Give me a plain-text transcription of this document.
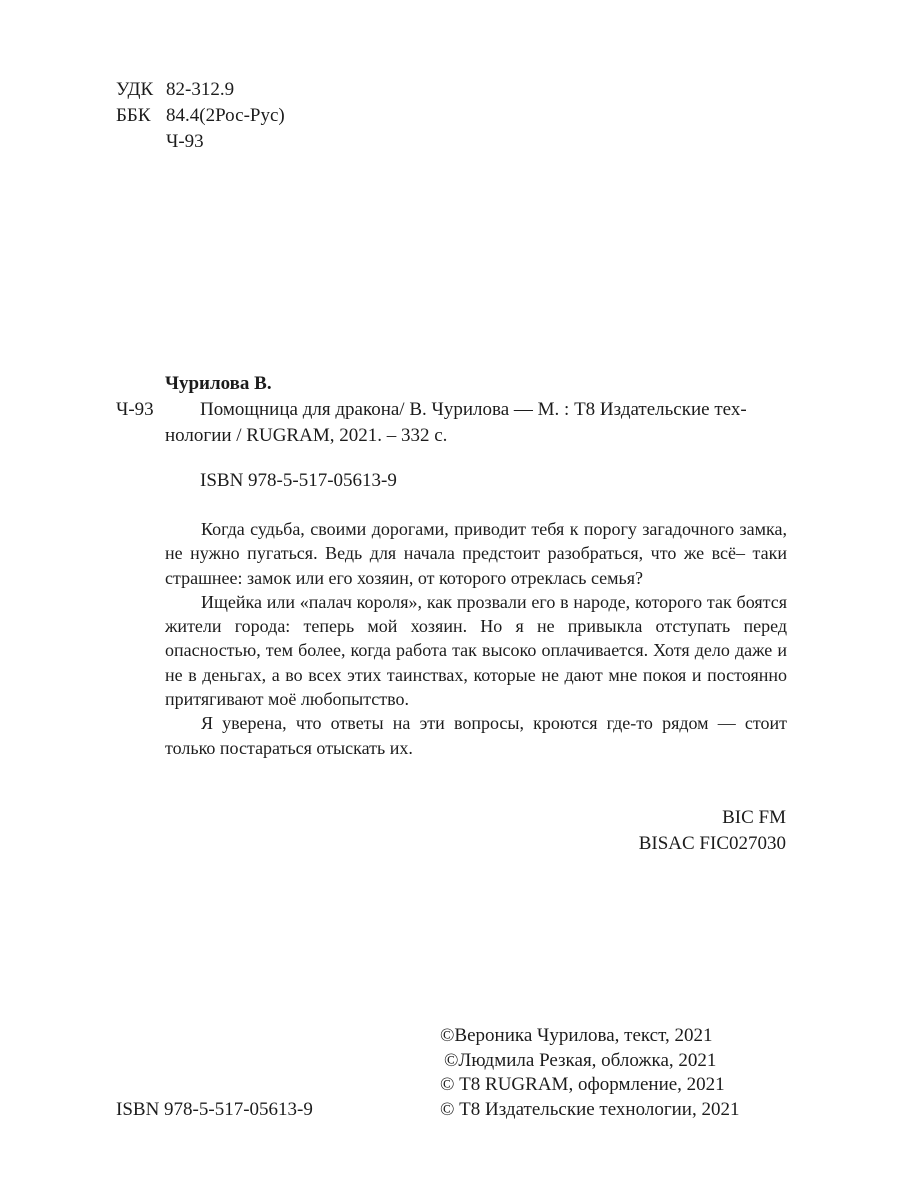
УДК 82-312.9
ББК 84.4(2Рос-Рус)
Ч-93
Чурилова В.
Ч-93 Помощница для дракона/ В. Чурилова — М. : Т8 Издательские тех-
нологии / RUGRAM, 2021. – 332 с.
ISBN 978-5-517-05613-9

Когда судьба, своими дорогами, приводит тебя к порогу загадочного замка, не нужно пугаться. Ведь для начала предстоит разобраться, что же всё– таки страшнее: замок или его хозяин, от которого отреклась семья?

Ищейка или «палач короля», как прозвали его в народе, которого так боятся жители города: теперь мой хозяин. Но я не привыкла отступать перед опасностью, тем более, когда работа так высоко оплачивается. Хотя дело даже и не в деньгах, а во всех этих таинствах, которые не дают мне покоя и постоянно притягивают моё любопытство.

Я уверена, что ответы на эти вопросы, кроются где-то рядом — стоит только постараться отыскать их.

BIC FM
BISAC FIC027030
©Вероника Чурилова, текст, 2021
©Людмила Резкая, обложка, 2021
© Т8 RUGRAM, оформление, 2021
ISBN 978-5-517-05613-9	© Т8 Издательские технологии, 2021
